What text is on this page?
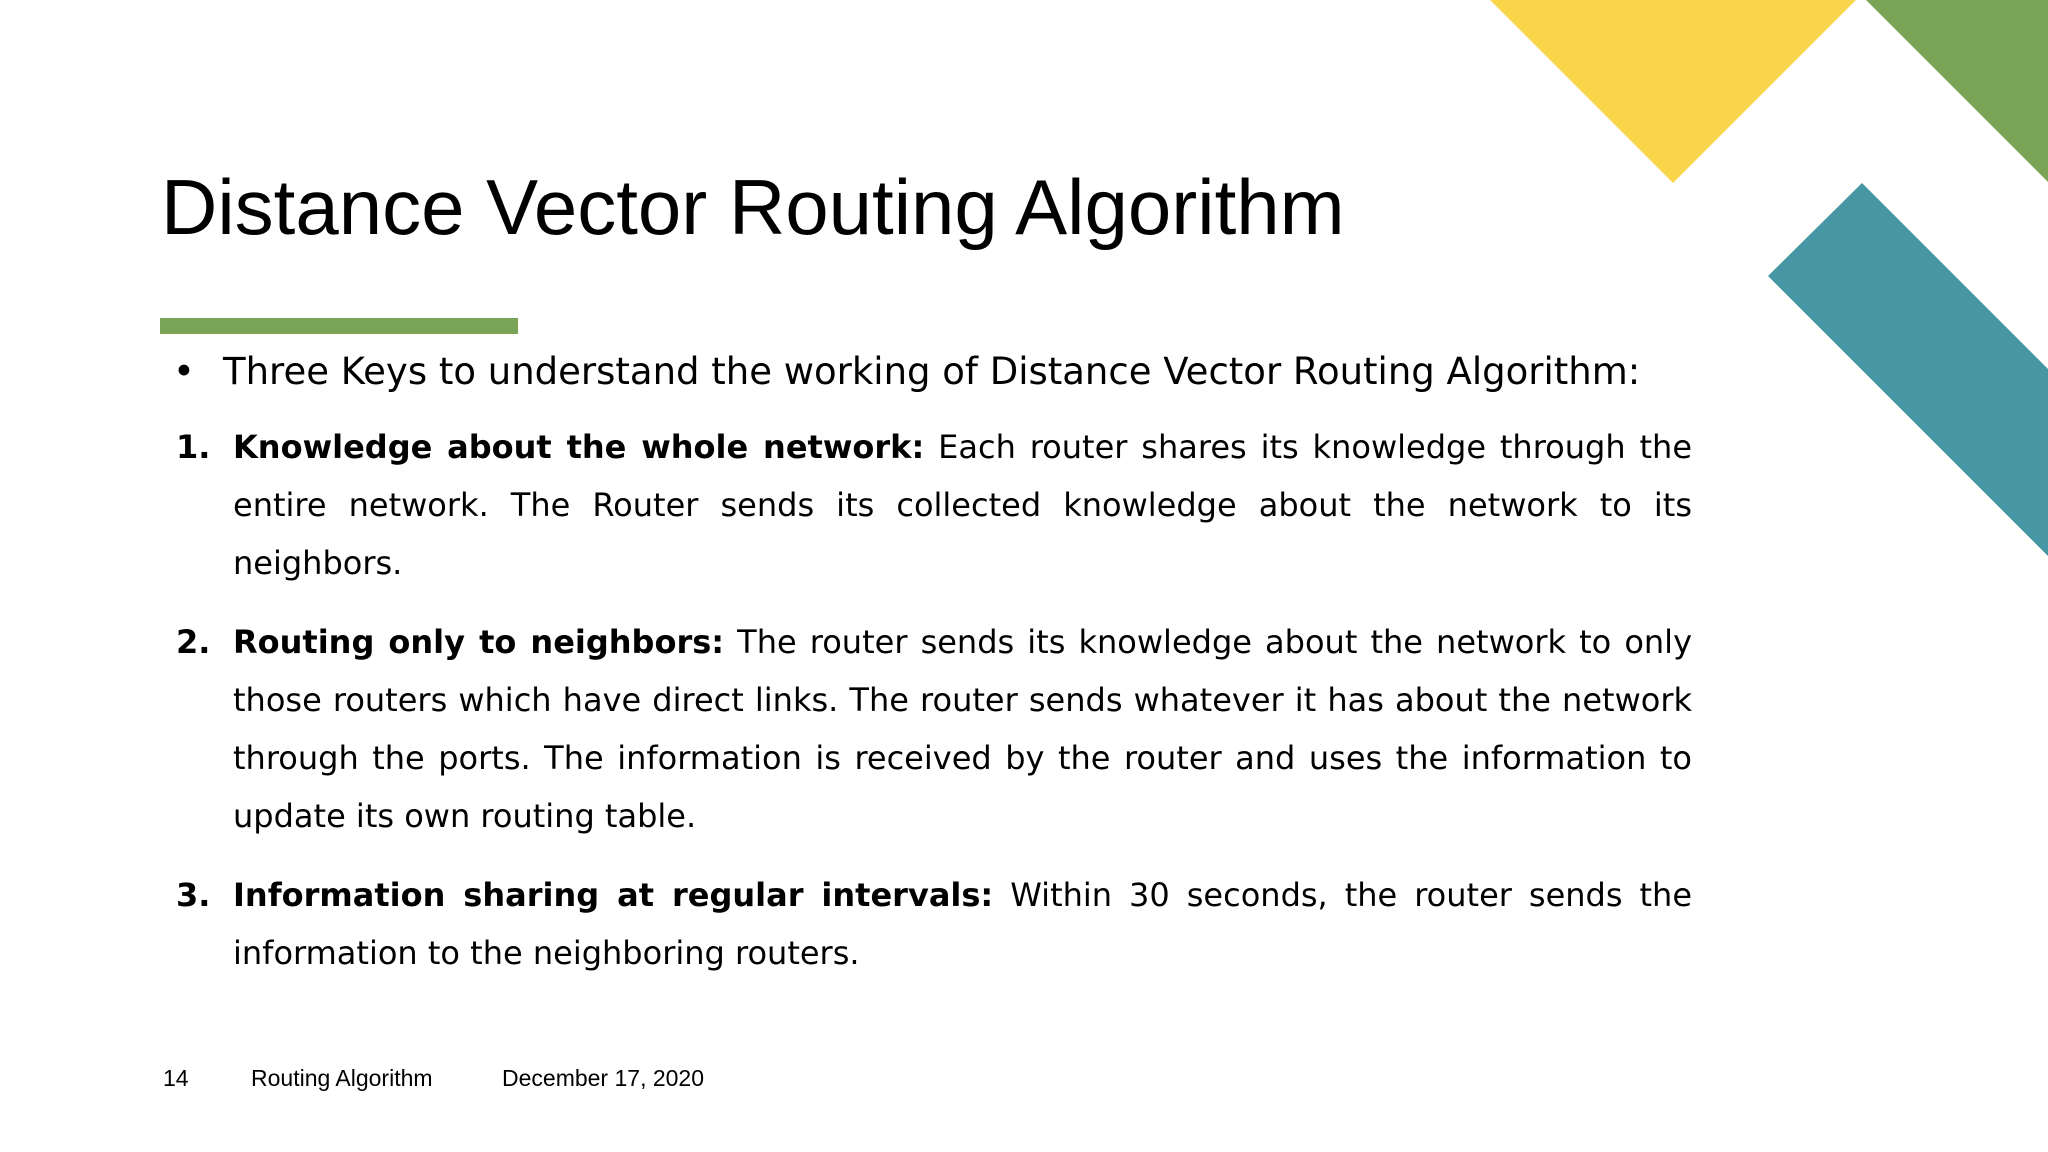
Distance Vector Routing Algorithm

• Three Keys to understand the working of Distance Vector Routing Algorithm:

1. Knowledge about the whole network: Each router shares its knowledge through the entire network. The Router sends its collected knowledge about the network to its neighbors.
2. Routing only to neighbors: The router sends its knowledge about the network to only those routers which have direct links. The router sends whatever it has about the network through the ports. The information is received by the router and uses the information to update its own routing table.
3. Information sharing at regular intervals: Within 30 seconds, the router sends the information to the neighboring routers.
14	Routing Algorithm	December 17, 2020
